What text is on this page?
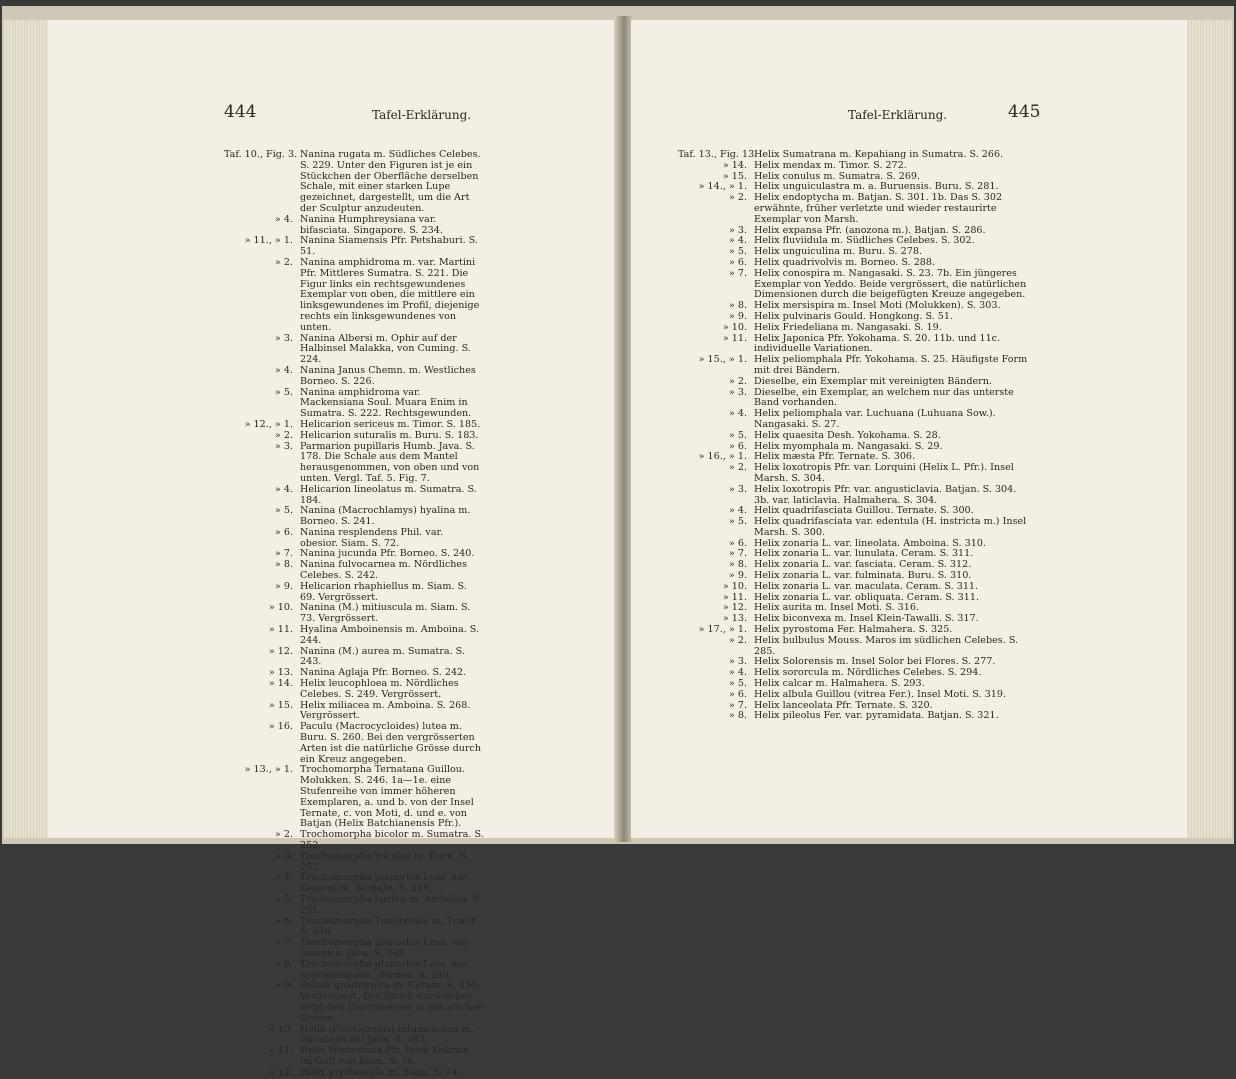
444	Tafel-Erklärung.
Taf. 10., Fig. 3. Nanina rugata m. Südliches Celebes. S. 229. Unter den Figuren ist je ein Stückchen der Oberfläche derselben Schale, mit einer starken Lupe gezeichnet, dargestellt, um die Art der Sculptur anzudeuten.
» 4. Nanina Humphreysiana var. bifasciata. Singapore. S. 234.
» 11., » 1. Nanina Siamensis Pfr. Petshaburi. S. 51.
» 2. Nanina amphidroma m. var. Martini Pfr. Mittleres Sumatra. S. 221. Die Figur links ein rechtsgewundenes Exemplar von oben, die mittlere ein linksgewundenes im Profil, diejenige rechts ein linksgewundenes von unten.
» 3. Nanina Albersi m. Ophir auf der Halbinsel Malakka, von Cuming. S. 224.
» 4. Nanina Janus Chemn. m. Westliches Borneo. S. 226.
» 5. Nanina amphidroma var. Mackensiana Soul. Muara Enim in Sumatra. S. 222. Rechtsgewunden.
» 12., » 1. Helicarion sericeus m. Timor. S. 185.
» 2. Helicarion suturalis m. Buru. S. 183.
» 3. Parmarion pupillaris Humb. Java. S. 178. Die Schale aus dem Mantel herausgenommen, von oben und von unten. Vergl. Taf. 5. Fig. 7.
» 4. Helicarion lineolatus m. Sumatra. S. 184.
» 5. Nanina (Macrochlamys) hyalina m. Borneo. S. 241.
» 6. Nanina resplendens Phil. var. obesior. Siam. S. 72.
» 7. Nanina jucunda Pfr. Borneo. S. 240.
» 8. Nanina fulvocarnea m. Nördliches Celebes. S. 242.
» 9. Helicarion rhaphiellus m. Siam. S. 69. Vergrössert.
» 10. Nanina (M.) mitiuscula m. Siam. S. 73. Vergrössert.
» 11. Hyalina Amboinensis m. Amboina. S. 244.
» 12. Nanina (M.) aurea m. Sumatra. S. 243.
» 13. Nanina Aglaja Pfr. Borneo. S. 242.
» 14. Helix leucophloea m. Nördliches Celebes. S. 249. Vergrössert.
» 15. Helix miliacea m. Amboina. S. 268. Vergrössert.
» 16. Paculu (Macrocycloides) lutea m. Buru. S. 260. Bei den vergrösserten Arten ist die natürliche Grösse durch ein Kreuz angegeben.
» 13., » 1. Trochomorpha Ternatana Guillou. Molukken. S. 246. 1a—1e. eine Stufenreihe von immer höheren Exemplaren, a. und b. von der Insel Ternate, c. von Moti, d. und e. von Batjan (Helix Batchianensis Pfr.).
» 2. Trochomorpha bicolor m. Sumatra. S. 252.
» 3. Trochomorpha tricolor m. Buru. S. 252.
» 4. Trochomorpha planorbis Less. var. Lessoni m. Ternate. S. 249.
» 5. Trochomorpha lardea m. Amboina. S. 251.
» 6. Trochomorpha Timorensis m. Timor. S. 248.
» 7. Trochomorpha planorbis Less. var. Javanica. Java. S. 249.
» 8. Trochomorpha planorbis Less. var. appropinquata. Borneo. S. 249.
» 9. Patula quadrispira m. Ceram. S. 259. Vergrössert. Der Strich dazwischen zeigt den Durchmesser in natürlicher Grösse.
» 10. Helix (Plectotropis) intumescens m. Surabaya auf Java. S. 263.
» 11. Helix Winteriana Pfr. Insel Kokram im Golf von Siam. S. 76.
» 12. Helix ptychostyla m. Siam. S. 74.
Tafel-Erklärung.	445
Taf. 13., Fig. 13.
Helix Sumatrana m. Kepahiang in Sumatra. S. 266.
» 14. Helix mendax m. Timor. S. 272.
» 15. Helix conulus m. Sumatra. S. 269.
» 14., » 1. Helix unguiculastra m. a. Buruensis. Buru. S. 281.
» 2. Helix endoptycha m. Batjan. S. 301. 1b. Das S. 302 erwähnte, früher verletzte und wieder restaurirte Exemplar von Marsh.
» 3. Helix expansa Pfr. (anozona m.). Batjan. S. 286.
» 4. Helix fluviidula m. Südliches Celebes. S. 302.
» 5. Helix unguiculina m. Buru. S. 278.
» 6. Helix quadrivolvis m. Borneo. S. 288.
» 7. Helix conospira m. Nangasaki. S. 23. 7b. Ein jüngeres Exemplar von Yeddo. Beide vergrössert, die natürlichen Dimensionen durch die beigefügten Kreuze angegeben.
» 8. Helix mersispira m. Insel Moti (Molukken). S. 303.
» 9. Helix pulvinaris Gould. Hongkong. S. 51.
» 10. Helix Friedeliana m. Nangasaki. S. 19.
» 11. Helix Japonica Pfr. Yokohama. S. 20. 11b. und 11c. individuelle Variationen.
» 15., » 1. Helix peliomphala Pfr. Yokohama. S. 25. Häufigste Form mit drei Bändern.
» 2. Dieselbe, ein Exemplar mit vereinigten Bändern.
» 3. Dieselbe, ein Exemplar, an welchem nur das unterste Band vorhanden.
» 4. Helix peliomphala var. Luchuana (Luhuana Sow.). Nangasaki. S. 27.
» 5. Helix quaesita Desh. Yokohama. S. 28.
» 6. Helix myomphala m. Nangasaki. S. 29.
» 16., » 1. Helix mæsta Pfr. Ternate. S. 306.
» 2. Helix loxotropis Pfr. var. Lorquini (Helix L. Pfr.). Insel Marsh. S. 304.
» 3. Helix loxotropis Pfr. var. angusticlavia. Batjan. S. 304. 3b. var. laticlavia. Halmahera. S. 304.
» 4. Helix quadrifasciata Guillou. Ternate. S. 300.
» 5. Helix quadrifasciata var. edentula (H. instricta m.) Insel Marsh. S. 300.
» 6. Helix zonaria L. var. lineolata. Amboina. S. 310.
» 7. Helix zonaria L. var. lunulata. Ceram. S. 311.
» 8. Helix zonaria L. var. fasciata. Ceram. S. 312.
» 9. Helix zonaria L. var. fulminata. Buru. S. 310.
» 10. Helix zonaria L. var. maculata. Ceram. S. 311.
» 11. Helix zonaria L. var. obliquata. Ceram. S. 311.
» 12. Helix aurita m. Insel Moti. S. 316.
» 13. Helix biconvexa m. Insel Klein-Tawalli. S. 317.
» 17., » 1. Helix pyrostoma Fer. Halmahera. S. 325.
» 2. Helix bulbulus Mouss. Maros im südlichen Celebes. S. 285.
» 3. Helix Solorensis m. Insel Solor bei Flores. S. 277.
» 4. Helix sororcula m. Nördliches Celebes. S. 294.
» 5. Helix calcar m. Halmahera. S. 293.
» 6. Helix albula Guillou (vitrea Fer.). Insel Moti. S. 319.
» 7. Helix lanceolata Pfr. Ternate. S. 320.
» 8. Helix pileolus Fer. var. pyramidata. Batjan. S. 321.
